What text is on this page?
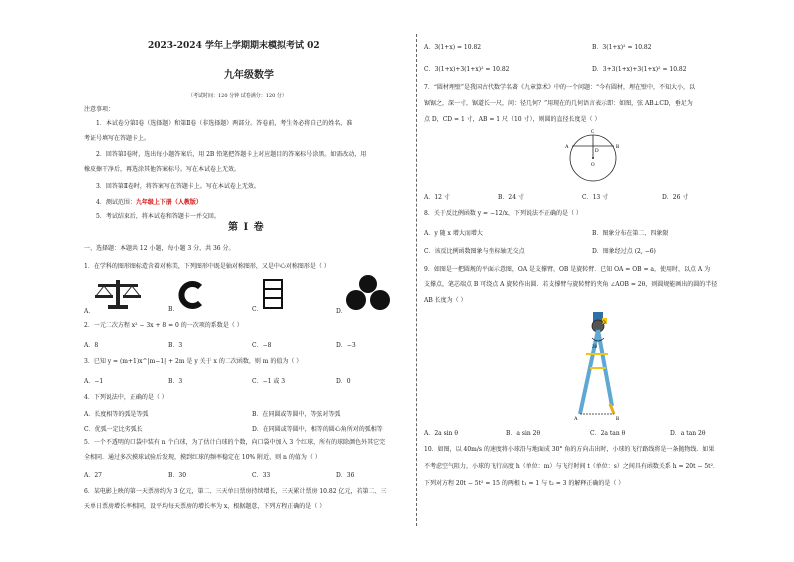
2023-2024 学年上学期期末模拟考试 02
九年级数学
（考试时间：120 分钟 试卷满分：120 分）
注意事项：
1．本试卷分第Ⅰ卷（选择题）和第Ⅱ卷（非选择题）两部分。答卷前，考生务必将自己的姓名、准
考证号填写在答题卡上。
2．回答第Ⅰ卷时，选出每小题答案后，用 2B 铅笔把答题卡上对应题目的答案标号涂黑。如需改动，用
橡皮擦干净后，再选涂其他答案标号。写在本试卷上无效。
3．回答第Ⅱ卷时，将答案写在答题卡上。写在本试卷上无效。
4．测试范围：九年级上下册（人教版）
5．考试结束后，将本试卷和答题卡一并交回。
第 Ⅰ 卷
一、选择题：本题共 12 小题，每小题 3 分，共 36 分。
1．在学科的图形图标造含着对称美，下列图形中既是轴对称图形，又是中心对称图形是（ ）
A．	B．	C．	D．
2．一元二次方程 x² − 3x + 8 = 0 的一次项的系数是（ ）
A．8	B．3	C．−8	D．−3
3．已知 y = (m+1)x^|m−1| + 2m 是 y 关于 x 的二次函数，则 m 的值为（ ）
A．−1	B．3	C．−1 或 3	D．0
4．下列说法中，正确的是（ ）
A．长度相等的弧是等弧	B．在同圆或等圆中，等弦对等弧
C．优弧一定比劣弧长	D．在同圆或等圆中，相等的圆心角所对的弧相等
5．一个不透明的口袋中装有 n 个白球，为了估计白球的个数，向口袋中加入 3 个红球，所有的球除颜色外其它完
全相同．通过多次摸球试验后发现，摸到红球的频率稳定在 10% 附近，则 n 的值为（ ）
A．27	B．30	C．33	D．36
6．某电影上映的第一天票房约为 3 亿元，第二、三天单日票房持续增长，三天累计票房 10.82 亿元，若第二、三
天单日票房增长率相同，设平均每天票房的增长率为 x，根据题意，下列方程正确的是（ ）
A．3(1+x) = 10.82	B．3(1+x)² = 10.82
C．3(1+x)+3(1+x)² = 10.82	D．3+3(1+x)+3(1+x)² = 10.82
7．“圆材埋壁”是我国古代数学名著《九章算术》中的一个问题：“今有圆材，埋在壁中，不知大小，以
锯锯之，深一寸，锯道长一尺，问：径几何？”用现在的几何语言表示即：如图，弦 AB⊥CD，垂足为
点 D，CD = 1 寸，AB = 1 尺（10 寸），则圆的直径长度是（ ）
C
A	B
D
O
A．12 寸	B．24 寸	C．13 寸	D．26 寸
8．关于反比例函数 y = −12/x，下列说法不正确的是（ ）
A．y 随 x 增大而增大	B．图象分布在第二、四象限
C．该反比例函数图象与坐标轴无交点	D．图象经过点 (2, −6)
9．如图是一把圆规的平面示意图，OA 是支撑臂，OB 是旋转臂．已知 OA = OB = a，使用时，以点 A 为
支撑点，笔芯端点 B 可绕点 A 旋转作出圆．若支撑臂与旋转臂的夹角 ∠AOB = 2θ，则圆规能画出的圆的半径
AB 长度为（ ）
O
A	B
2θ
A．2a sin θ	B．a sin 2θ	C．2a tan θ	D．a tan 2θ
10．如图，以 40m/s 的速度将小球沿与地面成 30° 角的方向击出时，小球的飞行路线将是一条抛物线．如果
不考虑空气阻力，小球的飞行高度 h（单位：m）与飞行时间 t（单位：s）之间具有函数关系 h = 20t − 5t²．
下列对方程 20t − 5t² = 15 的两根 t₁ = 1 与 t₂ = 3 的解释正确的是（ ）
